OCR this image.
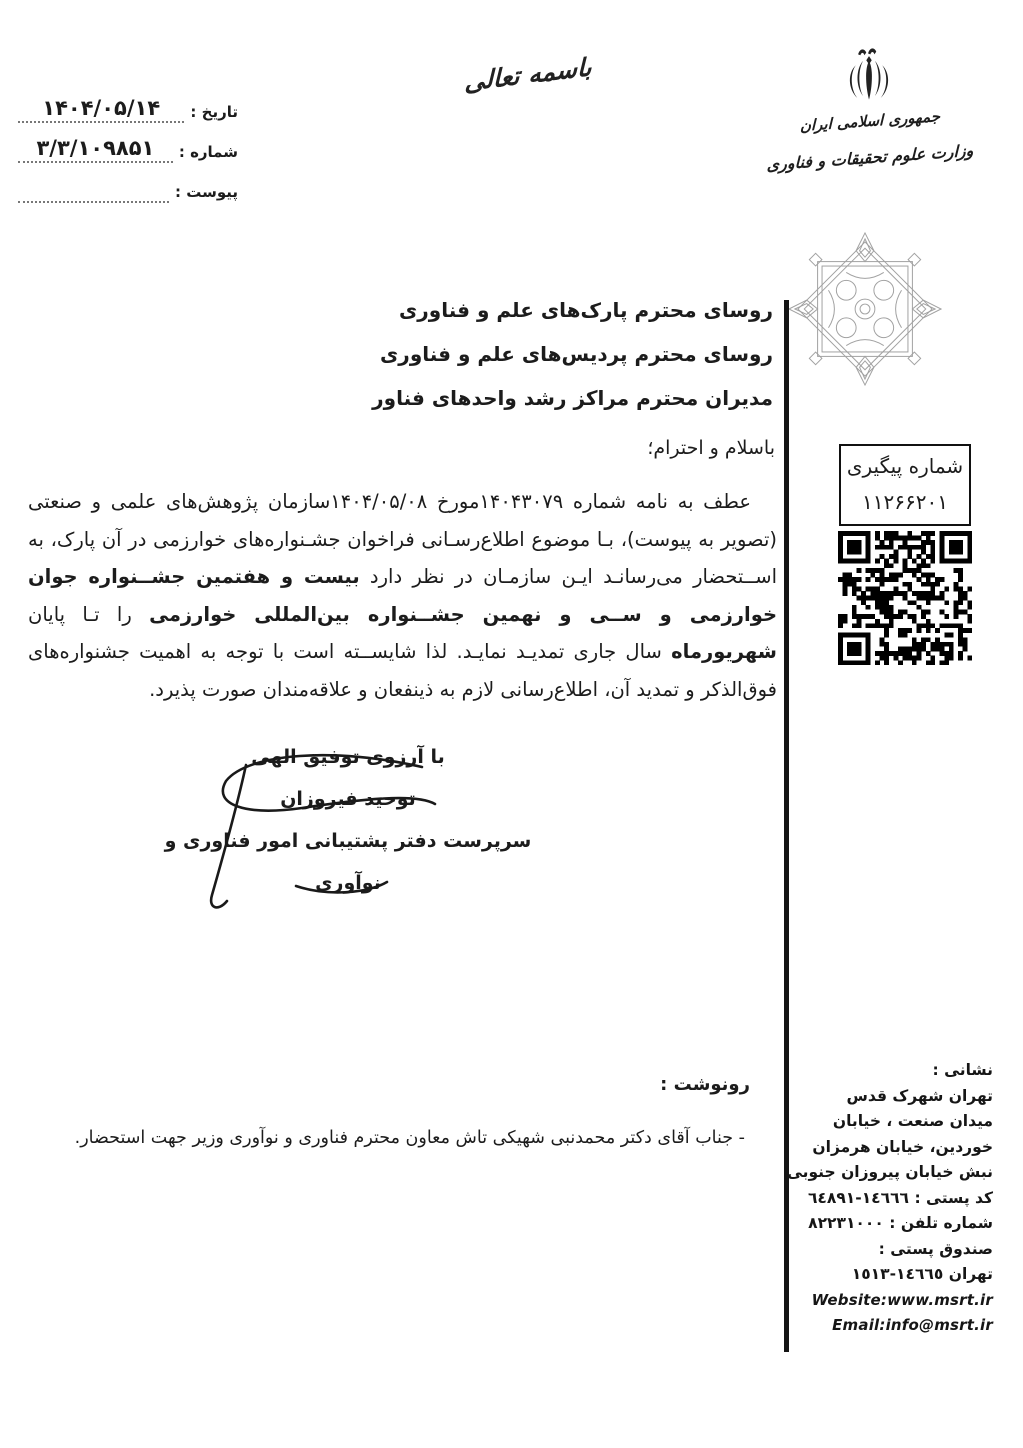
تاریخ :
۱۴۰۴/۰۵/۱۴
شماره :
۳/۳/۱۰۹۸۵۱
پیوست :
باسمه تعالی
جمهوری اسلامی ایران
وزارت علوم تحقیقات و فناوری
روسای محترم پارک‌های علم و فناوری
روسای محترم پردیس‌های علم و فناوری
مدیران محترم مراکز رشد واحدهای فناور
باسلام و احترام؛

عطف به نامه شماره ۱۴۰۴۳۰۷۹مورخ ۱۴۰۴/۰۵/۰۸سازمان پژوهش‌های علمی و صنعتی (تصویر به پیوست)، بـا موضوع اطلاع‌رسـانی فراخوان جشـنواره‌های خوارزمی در آن پارک، به اســتحضار می‌رسانـد ایـن سازمـان در نظر دارد بیست و هفتمین جشــنواره جوان خوارزمی و ســی و نهمین جشــنواره بین‌المللی خوارزمی را تـا پایان شهریورماه سال جاری تمدیـد نمایـد. لذا شایســته است با توجه به اهمیت جشنواره‌های فوق‌الذکر و تمدید آن، اطلاع‌رسانی لازم به ذینفعان و علاقه‌مندان صورت پذیرد.

شماره پیگیری
۱۱۲۶۶۲۰۱
با آرزوی توفیق الهی
توحید فیروزان
سرپرست دفتر پشتیبانی امور فناوری و نوآوری
رونوشت :
- جناب آقای دکتر محمدنبی شهیکی تاش معاون محترم فناوری و نوآوری وزیر جهت استحضار.
نشانی :
تهران شهرک قدس
میدان صنعت ، خیابان
خوردین، خیابان هرمزان
نبش خیابان پیروزان جنوبی
کد پستی : ١٤٦٦٦-٦٤٨٩١
شماره تلفن : ٨٢٢٣١٠٠٠
صندوق پستی :
تهران ١٤٦٦٥-١٥١٣
Website:www.msrt.ir
Email:info@msrt.ir
